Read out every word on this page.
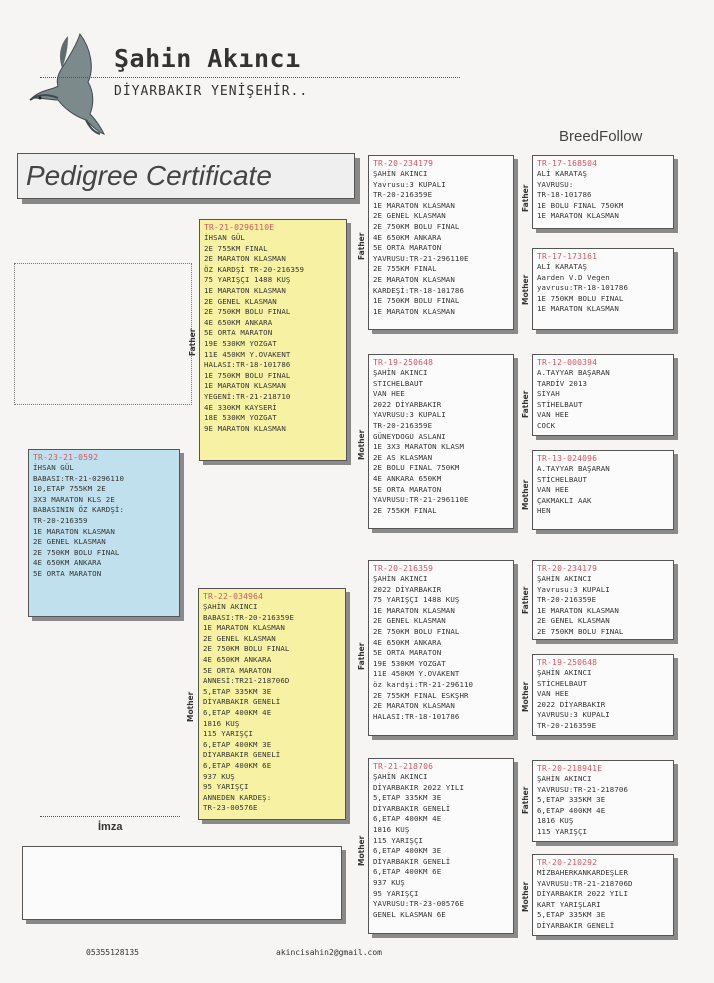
Şahin Akıncı
DİYARBAKIR YENİŞEHİR..
BreedFollow
Pedigree Certificate
TR-23-21-0592
İHSAN GÜL
BABASI:TR-21-0296110
10,ETAP 755KM 2E
3X3 MARATON KLS 2E
BABASININ ÖZ KARDŞİ:
TR-20-216359
1E MARATON KLASMAN
2E GENEL KLASMAN
2E 750KM BOLU FINAL
4E 650KM ANKARA
5E ORTA MARATON
Father
TR-21-0296110E
İHSAN GÜL
2E 755KM FINAL
2E MARATON KLASMAN
ÖZ KARDŞİ TR-20-216359
75 YARIŞÇI 1488 KUŞ
1E MARATON KLASMAN
2E GENEL KLASMAN
2E 750KM BOLU FINAL
4E 650KM ANKARA
5E ORTA MARATON
19E 530KM YOZGAT
11E 450KM Y.OVAKENT
HALASI:TR-18-101786
1E 750KM BOLU FINAL
1E MARATON KLASMAN
YEGENİ:TR-21-218710
4E 330KM KAYSERİ
18E 530KM YOZGAT
9E MARATON KLASMAN
Mother
TR-22-034964
ŞAHİN AKINCI
BABASI:TR-20-216359E
1E MARATON KLASMAN
2E GENEL KLASMAN
2E 750KM BOLU FINAL
4E 650KM ANKARA
5E ORTA MARATON
ANNESİ:TR21-218706D
5,ETAP 335KM 3E
DİYARBAKIR GENELİ
6,ETAP 400KM 4E
1816 KUŞ
115 YARIŞÇI
6,ETAP 400KM 3E
DİYARBAKIR GENELİ
6,ETAP 400KM 6E
937 KUŞ
95 YARIŞÇI
ANNEDEN KARDEŞ:
TR-23-00576E
İmza
Father
TR-20-234179
ŞAHİN AKINCI
Yavrusu:3 KUPALI
TR-20-216359E
1E MARATON KLASMAN
2E GENEL KLASMAN
2E 750KM BOLU FINAL
4E 650KM ANKARA
5E ORTA MARATON
YAVRUSU:TR-21-296110E
2E 755KM FINAL
2E MARATON KLASMAN
KARDEŞİ:TR-18-101786
1E 750KM BOLU FINAL
1E MARATON KLASMAN
Mother
TR-19-250648
ŞAHİN AKINCI
STICHELBAUT
VAN HEE
2022 DİYARBAKIR
YAVRUSU:3 KUPALI
TR-20-216359E
GÜNEYDOGU ASLANI
1E 3X3 MARATON KLASM
2E AS KLASMAN
2E BOLU FINAL 750KM
4E ANKARA 650KM
5E ORTA MARATON
YAVRUSU:TR-21-296110E
2E 755KM FINAL
Father
TR-20-216359
ŞAHİN AKINCI
2022 DİYARBAKIR
75 YARIŞÇI 1488 KUŞ
1E MARATON KLASMAN
2E GENEL KLASMAN
2E 750KM BOLU FINAL
4E 650KM ANKARA
5E ORTA MARATON
19E 530KM YOZGAT
11E 450KM Y.OVAKENT
öz kardşi:TR-21-296110
2E 755KM FINAL ESKŞHR
2E MARATON KLASMAN
HALASI:TR-18-101786
Mother
TR-21-218706
ŞAHİN AKINCI
DİYARBAKIR 2022 YILI
5,ETAP 335KM 3E
DİYARBAKIR GENELİ
6,ETAP 400KM 4E
1816 KUŞ
115 YARIŞÇI
6,ETAP 400KM 3E
DİYARBAKIR GENELİ
6,ETAP 400KM 6E
937 KUŞ
95 YARIŞÇI
YAVRUSU:TR-23-00576E
GENEL KLASMAN 6E
Father
TR-17-168504
ALİ KARATAŞ
YAVRUSU:
TR-18-101786
1E BOLU FINAL 750KM
1E MARATON KLASMAN
Mother
TR-17-173161
ALİ KARATAŞ
Aarden V.D Vegen
yavrusu:TR-18-101786
1E 750KM BOLU FINAL
1E MARATON KLASMAN
Father
TR-12-000394
A.TAYYAR BAŞARAN
TARDİV 2013
SİYAH
STİHELBAUT
VAN HEE
COCK
Mother
TR-13-024096
A.TAYYAR BAŞARAN
STİCHELBAUT
VAN HEE
ÇAKMAKLI AAK
HEN
Father
TR-20-234179
ŞAHİN AKINCI
Yavrusu:3 KUPALI
TR-20-216359E
1E MARATON KLASMAN
2E GENEL KLASMAN
2E 750KM BOLU FINAL
Mother
TR-19-250648
ŞAHİN AKINCI
STİCHELBAUT
VAN HEE
2022 DİYARBAKIR
YAVRUSU:3 KUPALI
TR-20-216359E
Father
TR-20-218941E
ŞAHİN AKINCI
YAVRUSU:TR-21-218706
5,ETAP 335KM 3E
6,ETAP 400KM 4E
1816 KUŞ
115 YARIŞÇI
Mother
TR-20-210292
MİZBAHERKANKARDEŞLER
YAVRUSU:TR-21-218706D
DİYARBAKIR 2022 YILI
KART YARIŞLARI
5,ETAP 335KM 3E
DİYARBAKIR GENELİ
05355128135	akincisahin2@gmail.com
